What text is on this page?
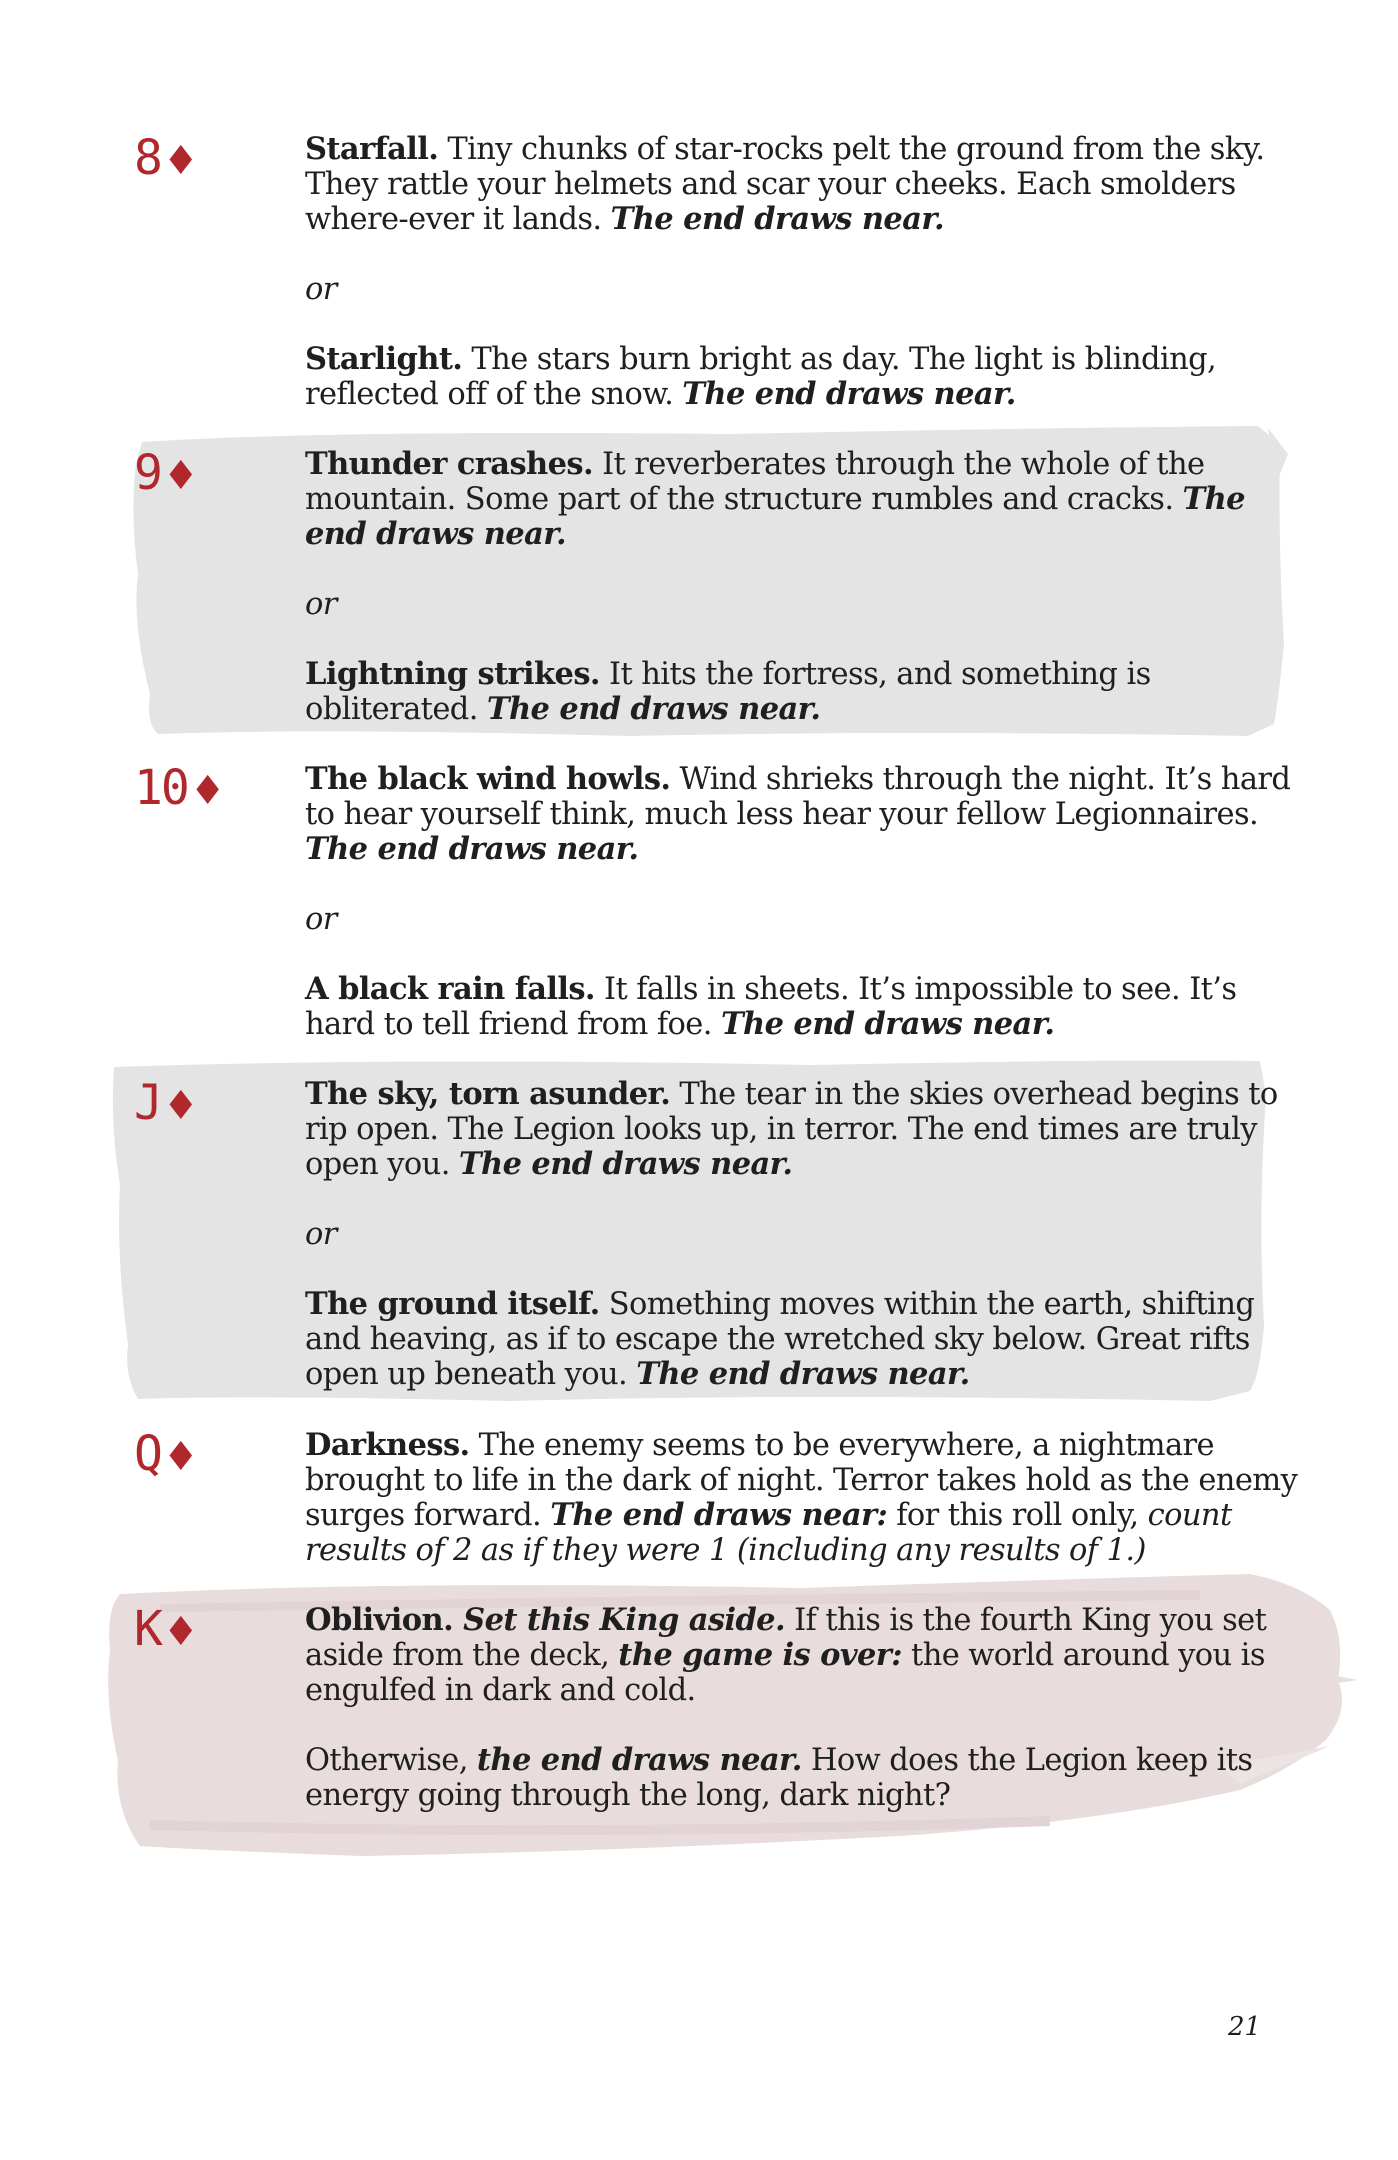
8♦	Starfall. Tiny chunks of star-rocks pelt the ground from the sky. They rattle your helmets and scar your cheeks. Each smolders where-ever it lands. The end draws near.

or

Starlight. The stars burn bright as day. The light is blinding, reflected off of the snow. The end draws near.

9♦	Thunder crashes. It reverberates through the whole of the mountain. Some part of the structure rumbles and cracks. The end draws near.

or

Lightning strikes. It hits the fortress, and something is obliterated. The end draws near.

10♦	The black wind howls. Wind shrieks through the night. It’s hard to hear yourself think, much less hear your fellow Legionnaires. The end draws near.

or

A black rain falls. It falls in sheets. It’s impossible to see. It’s hard to tell friend from foe. The end draws near.

J♦	The sky, torn asunder. The tear in the skies overhead begins to rip open. The Legion looks up, in terror. The end times are truly open you. The end draws near.

or

The ground itself. Something moves within the earth, shifting and heaving, as if to escape the wretched sky below. Great rifts open up beneath you. The end draws near.

Q♦	Darkness. The enemy seems to be everywhere, a nightmare brought to life in the dark of night. Terror takes hold as the enemy surges forward. The end draws near: for this roll only, count results of 2 as if they were 1 (including any results of 1.)

K♦	Oblivion. Set this King aside. If this is the fourth King you set aside from the deck, the game is over: the world around you is engulfed in dark and cold.

Otherwise, the end draws near. How does the Legion keep its energy going through the long, dark night?

21
